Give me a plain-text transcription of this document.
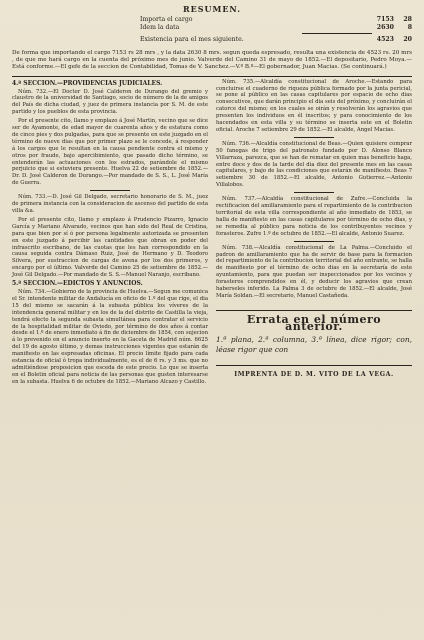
RESUMEN.
Importa el cargo	7153	28
Idem la data	2630	8
Existencia para el mes siguiente.	4523	20
De forma que importando el cargo 7153 rs 28 mrs , y la data 2630 8 mrs. segun queda espresado, resulta una existencia de 4523 rs. 20 mrs , de que me hará cargo en la cuenta del próximo mes de junio. Valverde del Camino 31 de mayo de 1852.—El depositario, Pedro Moya.—Está conforme.—El gefe de la seccion de Contabilidad, Tomas de V. Sanchez.—V.º B.º—El gobernador, Juan Macias. (Se continuará.)
4.ª SECCION.—PROVIDENCIAS JUDICIALES.

Núm. 732.—El Doctor D. José Calderon de Durango del gremio y claustro de la universidad de Santiago, socio de número de la de amigos del País de dicha ciudad, y juez de primera instancia por S. M. de este partido y los pueblos de esta provincia.

Por el presente cito, llamo y emplazo á José Martin, vecino que se dice ser de Ayamonte, de edad mayor de cuarenta años y de estatura como de cinco pies y dos pulgadas, para que se presente en este juzgado en el término de nueve dias que por primer plazo se le concede, á responder á los cargos que le resultan en la causa pendiente contra el mismo y otros por fraude, bajo apercibimiento, que pasado dicho término, se entenderán las actuaciones con los estrados, parándole el mismo perjuicio que si estuviera presente. Huelva 22 de setiembre de 1852.—Dr. D. José Calderon de Durango.—Por mandado de S. S., L. José María de Guerra.

Núm. 733.—D. José Gil Delgado, secretario honorario de S. M., juez de primera instancia con la consideracion de ascenso del partido de esta villa &a.

Por el presente cito, llamo y emplazo á Prudencio Pizarro, Ignacio García y Mariano Alvarado, vecinos que han sido del Real de Cristina, para que bien por sí ó por persona legalmente autorizada se presenten en este juzgado á percibir las cantidades que obran en poder del infrascrito escribano, de las cuotas que les han correspondido en la causa seguida contra Dámaso Ruiz, José de Hermano y D. Teodoro Silvera, por sustraccion de cargas de avena por los dos primeros, y encargo por el último. Valverde del Camino 25 de setiembre de 1852.—José Gil Delgado.—Por mandado de S. S.—Manuel Naranjo, escribano.

5.ª SECCION.—EDICTOS Y ANUNCIOS.

Núm. 734.—Gobierno de la provincia de Huelva.—Segun me comunica el Sr. intendente militar de Andalucía en oficio de 1.º del que rige, el dia 15 del mismo se sacarán á la subasta pública los víveres de la intendencia general militar y en los de la del distrito de Castilla la vieja, tendrá efecto la segunda subasta simultánea para contratar el servicio de la hospitalidad militar de Oviedo, por término de dos años á contar desde el 1.º de enero inmediato á fin de diciembre de 1854, con sujecion á lo prevenido en el anuncio inserto en la Gaceta de Madrid núm. 6625 del 19 de agosto último, y demas instrucciones vigentes que estarán de manifiesto en las espresadas oficinas. El precio límite fijado para cada estancia de oficial ó tropa individualmente, es el de 6 rs. y 3 ms. que no admitiéndose proposicion que esceda de este precio. Lo que se inserta en el Boletin oficial para noticia de las personas que gusten interesarse en la subasta. Huelva 6 de octubre de 1852.—Mariano Alcazo y Castillo.

Núm. 735.—Alcaldía constitucional de Aroche.—Estando para concluirse el cuaderno de riqueza pública formado por la junta pericial, se pone al público en las casas capitulares por espacio de ocho dias consecutivos, que darán principio el dia seis del próximo, y concluirán el catorce del mismo; en los cuales se oirán y resolverán los agravios que presenten los individuos en él inscritos; y para conocimiento de los hacendados en esta villa y su término se inserta este en el Boletin oficial. Aroche 7 setiembre 29 de 1852.—El alcalde, Angel Macias.

Núm. 736.—Alcaldía constitucional de Beas.—Quien quisiere comprar 50 fanegas de trigo del patronato fundado por D. Alonso Blanco Villarraza, parezca, que se han de rematar en quien mas beneficio haga, entre doce y dos de la tarde del dia diez del presente mes en las casas capitulares, y bajo de las condiciones que estarán de manifiesto. Beas 7 setiembre 30 de 1852.—El alcalde, Antonio Gutierrez.—Antonio Villalobos.

Núm. 737.—Alcaldía constitucional de Zufre.—Concluida la rectificacion del amillaramiento para el repartimiento de la contribucion territorial de esta villa correspondiente al año inmediato de 1853, se halla de manifiesto en las casas capitulares por término de ocho dias, y se remedia al público para noticia de los contribuyentes vecinos y forasteros. Zufre 1.º de octubre de 1852.—El alcalde, Antonio Suarez.

Núm. 738.—Alcaldía constitucional de La Palma.—Concluido el padron de amillaramiento que ha de servir de base para la formacion del repartimiento de la contribucion territorial del año entrante, se halla de manifiesto por el término de ocho dias en la secretaría de este ayuntamiento, para que puedan ser inspeccionados por los vecinos y forasteros comprendidos en él, y deducir los agravios que crean haberseles inferido. La Palma 3 de octubre de 1852.—El alcalde, José María Soldan.—El secretario, Manuel Castañeda.

Errata en el número anterior.
1.ª plana, 2.ª columna, 3.ª línea, dice rigor; con, léase rigor que con
IMPRENTA DE D. M. VITO DE LA VEGA.
